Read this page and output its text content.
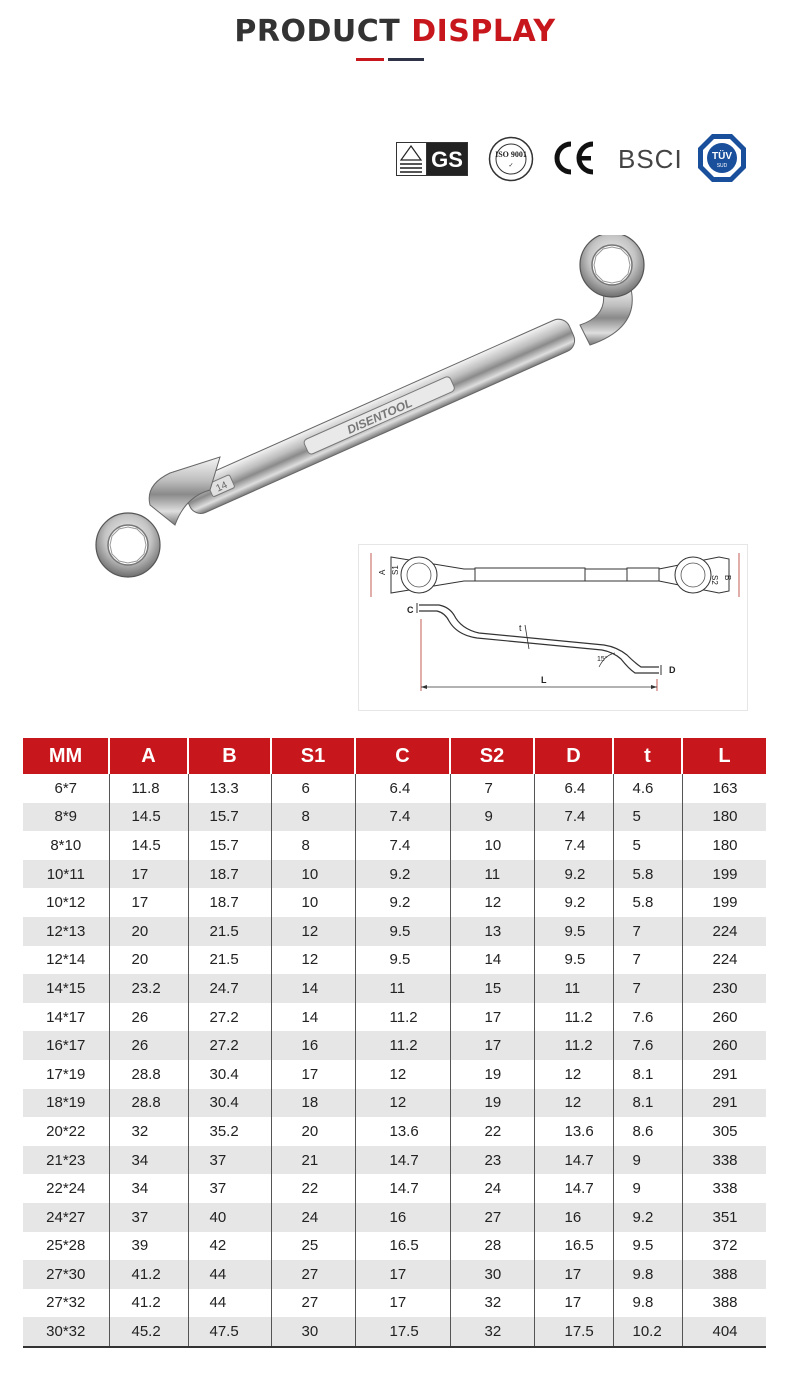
PRODUCT DISPLAY
GS	ISO 9001
✓	BSCI	TÜV
SUD
DISENTOOL
14
A S1
S2 B
C
t
15°
D
L
MM	A	B	S1	C	S2	D	t	L
6*7	11.8	13.3	6	6.4	7	6.4	4.6	163
8*9	14.5	15.7	8	7.4	9	7.4	5	180
8*10	14.5	15.7	8	7.4	10	7.4	5	180
10*11	17	18.7	10	9.2	11	9.2	5.8	199
10*12	17	18.7	10	9.2	12	9.2	5.8	199
12*13	20	21.5	12	9.5	13	9.5	7	224
12*14	20	21.5	12	9.5	14	9.5	7	224
14*15	23.2	24.7	14	11	15	11	7	230
14*17	26	27.2	14	11.2	17	11.2	7.6	260
16*17	26	27.2	16	11.2	17	11.2	7.6	260
17*19	28.8	30.4	17	12	19	12	8.1	291
18*19	28.8	30.4	18	12	19	12	8.1	291
20*22	32	35.2	20	13.6	22	13.6	8.6	305
21*23	34	37	21	14.7	23	14.7	9	338
22*24	34	37	22	14.7	24	14.7	9	338
24*27	37	40	24	16	27	16	9.2	351
25*28	39	42	25	16.5	28	16.5	9.5	372
27*30	41.2	44	27	17	30	17	9.8	388
27*32	41.2	44	27	17	32	17	9.8	388
30*32	45.2	47.5	30	17.5	32	17.5	10.2	404
